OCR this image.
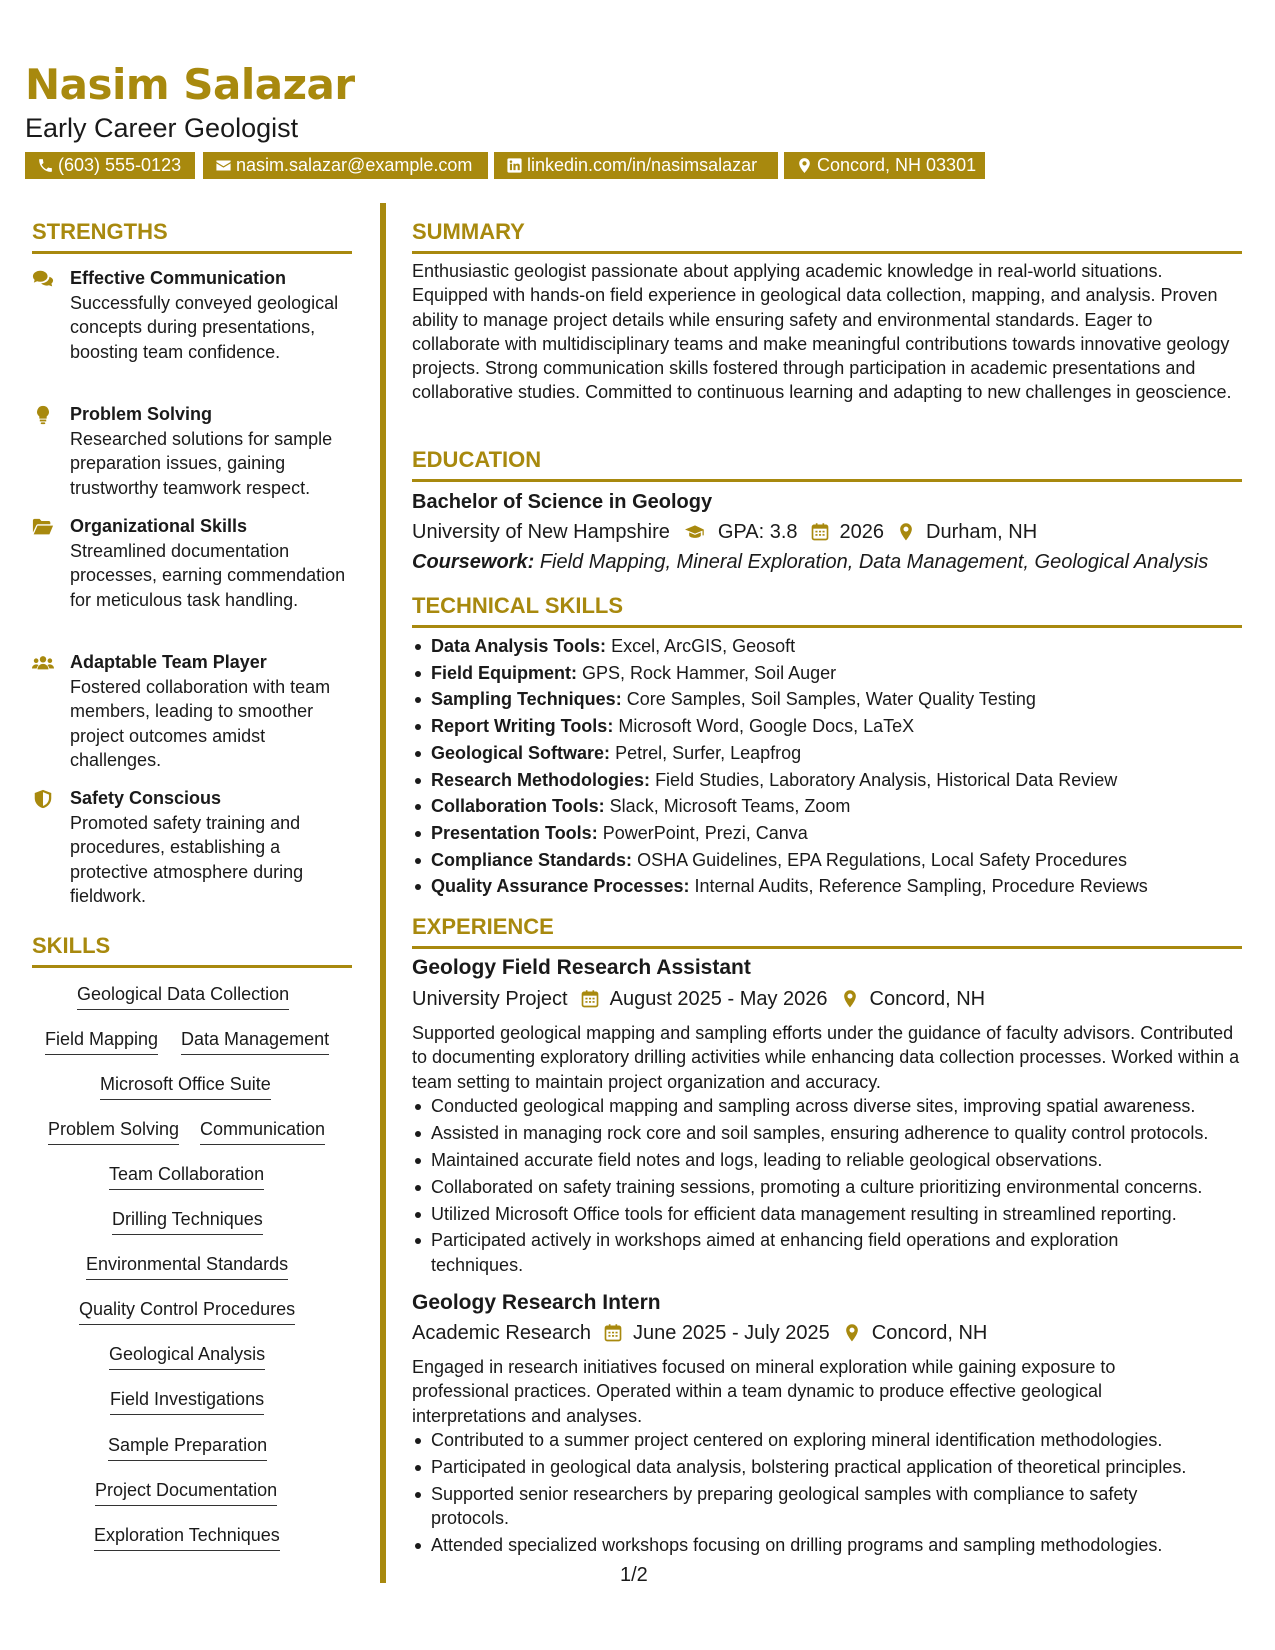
Nasim Salazar
Early Career Geologist
(603) 555-0123	nasim.salazar@example.com	linkedin.com/in/nasimsalazar	Concord, NH 03301
STRENGTHS
Effective Communication
Successfully conveyed geological concepts during presentations, boosting team confidence.
Problem Solving
Researched solutions for sample preparation issues, gaining trustworthy teamwork respect.
Organizational Skills
Streamlined documentation processes, earning commendation for meticulous task handling.
Adaptable Team Player
Fostered collaboration with team members, leading to smoother project outcomes amidst challenges.
Safety Conscious
Promoted safety training and procedures, establishing a protective atmosphere during fieldwork.
SKILLS
Geological Data Collection
Field Mapping Data Management
Microsoft Office Suite
Problem Solving Communication
Team Collaboration
Drilling Techniques
Environmental Standards
Quality Control Procedures
Geological Analysis
Field Investigations
Sample Preparation
Project Documentation
Exploration Techniques
SUMMARY
Enthusiastic geologist passionate about applying academic knowledge in real-world situations. Equipped with hands-on field experience in geological data collection, mapping, and analysis. Proven ability to manage project details while ensuring safety and environmental standards. Eager to collaborate with multidisciplinary teams and make meaningful contributions towards innovative geology projects. Strong communication skills fostered through participation in academic presentations and collaborative studies. Committed to continuous learning and adapting to new challenges in geoscience.
EDUCATION
Bachelor of Science in Geology
University of New Hampshire GPA: 3.8 2026 Durham, NH
Coursework:
Field Mapping, Mineral Exploration, Data Management, Geological Analysis
TECHNICAL SKILLS
Data Analysis Tools: Excel, ArcGIS, Geosoft
Field Equipment: GPS, Rock Hammer, Soil Auger
Sampling Techniques: Core Samples, Soil Samples, Water Quality Testing
Report Writing Tools: Microsoft Word, Google Docs, LaTeX
Geological Software: Petrel, Surfer, Leapfrog
Research Methodologies: Field Studies, Laboratory Analysis, Historical Data Review
Collaboration Tools: Slack, Microsoft Teams, Zoom
Presentation Tools: PowerPoint, Prezi, Canva
Compliance Standards: OSHA Guidelines, EPA Regulations, Local Safety Procedures
Quality Assurance Processes: Internal Audits, Reference Sampling, Procedure Reviews
EXPERIENCE
Geology Field Research Assistant
University Project August 2025 - May 2026 Concord, NH
Supported geological mapping and sampling efforts under the guidance of faculty advisors. Contributed to documenting exploratory drilling activities while enhancing data collection processes. Worked within a team setting to maintain project organization and accuracy.
Conducted geological mapping and sampling across diverse sites, improving spatial awareness.
Assisted in managing rock core and soil samples, ensuring adherence to quality control protocols.
Maintained accurate field notes and logs, leading to reliable geological observations.
Collaborated on safety training sessions, promoting a culture prioritizing environmental concerns.
Utilized Microsoft Office tools for efficient data management resulting in streamlined reporting.
Participated actively in workshops aimed at enhancing field operations and exploration techniques.
Geology Research Intern
Academic Research June 2025 - July 2025 Concord, NH
Engaged in research initiatives focused on mineral exploration while gaining exposure to professional practices. Operated within a team dynamic to produce effective geological interpretations and analyses.
Contributed to a summer project centered on exploring mineral identification methodologies.
Participated in geological data analysis, bolstering practical application of theoretical principles.
Supported senior researchers by preparing geological samples with compliance to safety protocols.
Attended specialized workshops focusing on drilling programs and sampling methodologies.
1/2
